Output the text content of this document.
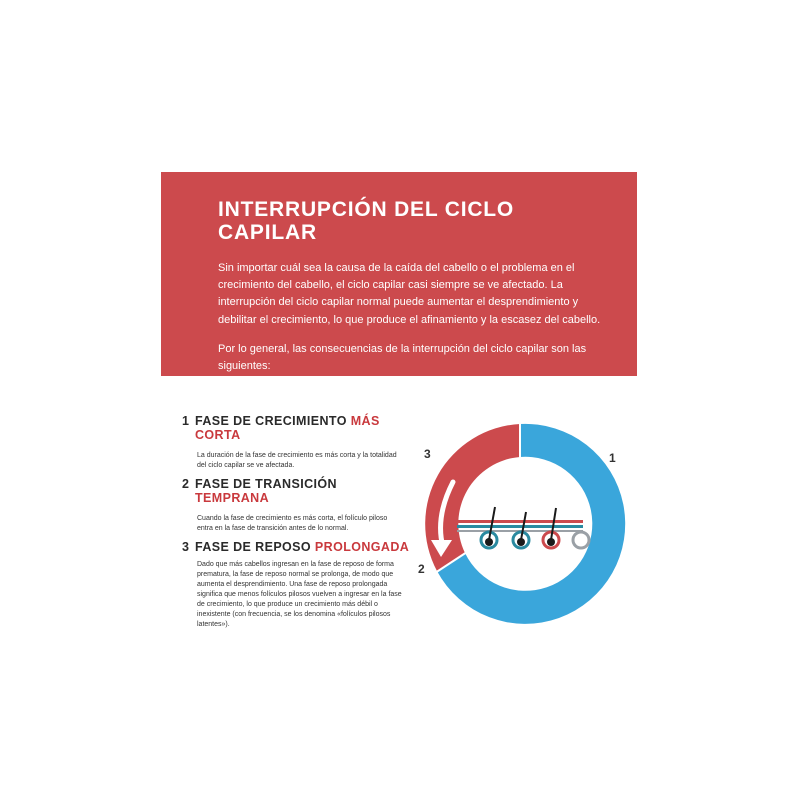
INTERRUPCIÓN DEL CICLO CAPILAR

Sin importar cuál sea la causa de la caída del cabello o el problema en el crecimiento del cabello, el ciclo capilar casi siempre se ve afectado. La interrupción del ciclo capilar normal puede aumentar el desprendimiento y debilitar el crecimiento, lo que produce el afinamiento y la escasez del cabello.

Por lo general, las consecuencias de la interrupción del ciclo capilar son las siguientes:

1 FASE DE CRECIMIENTO MÁS CORTA
La duración de la fase de crecimiento es más corta y la totalidad del ciclo capilar se ve afectada.
2 FASE DE TRANSICIÓN TEMPRANA
Cuando la fase de crecimiento es más corta, el folículo piloso entra en la fase de transición antes de lo normal.
3 FASE DE REPOSO PROLONGADA
Dado que más cabellos ingresan en la fase de reposo de forma prematura, la fase de reposo normal se prolonga, de modo que aumenta el desprendimiento. Una fase de reposo prolongada significa que menos folículos pilosos vuelven a ingresar en la fase de crecimiento, lo que produce un crecimiento más débil o inexistente (con frecuencia, se los denomina «folículos pilosos latentes»).
1
2
3
